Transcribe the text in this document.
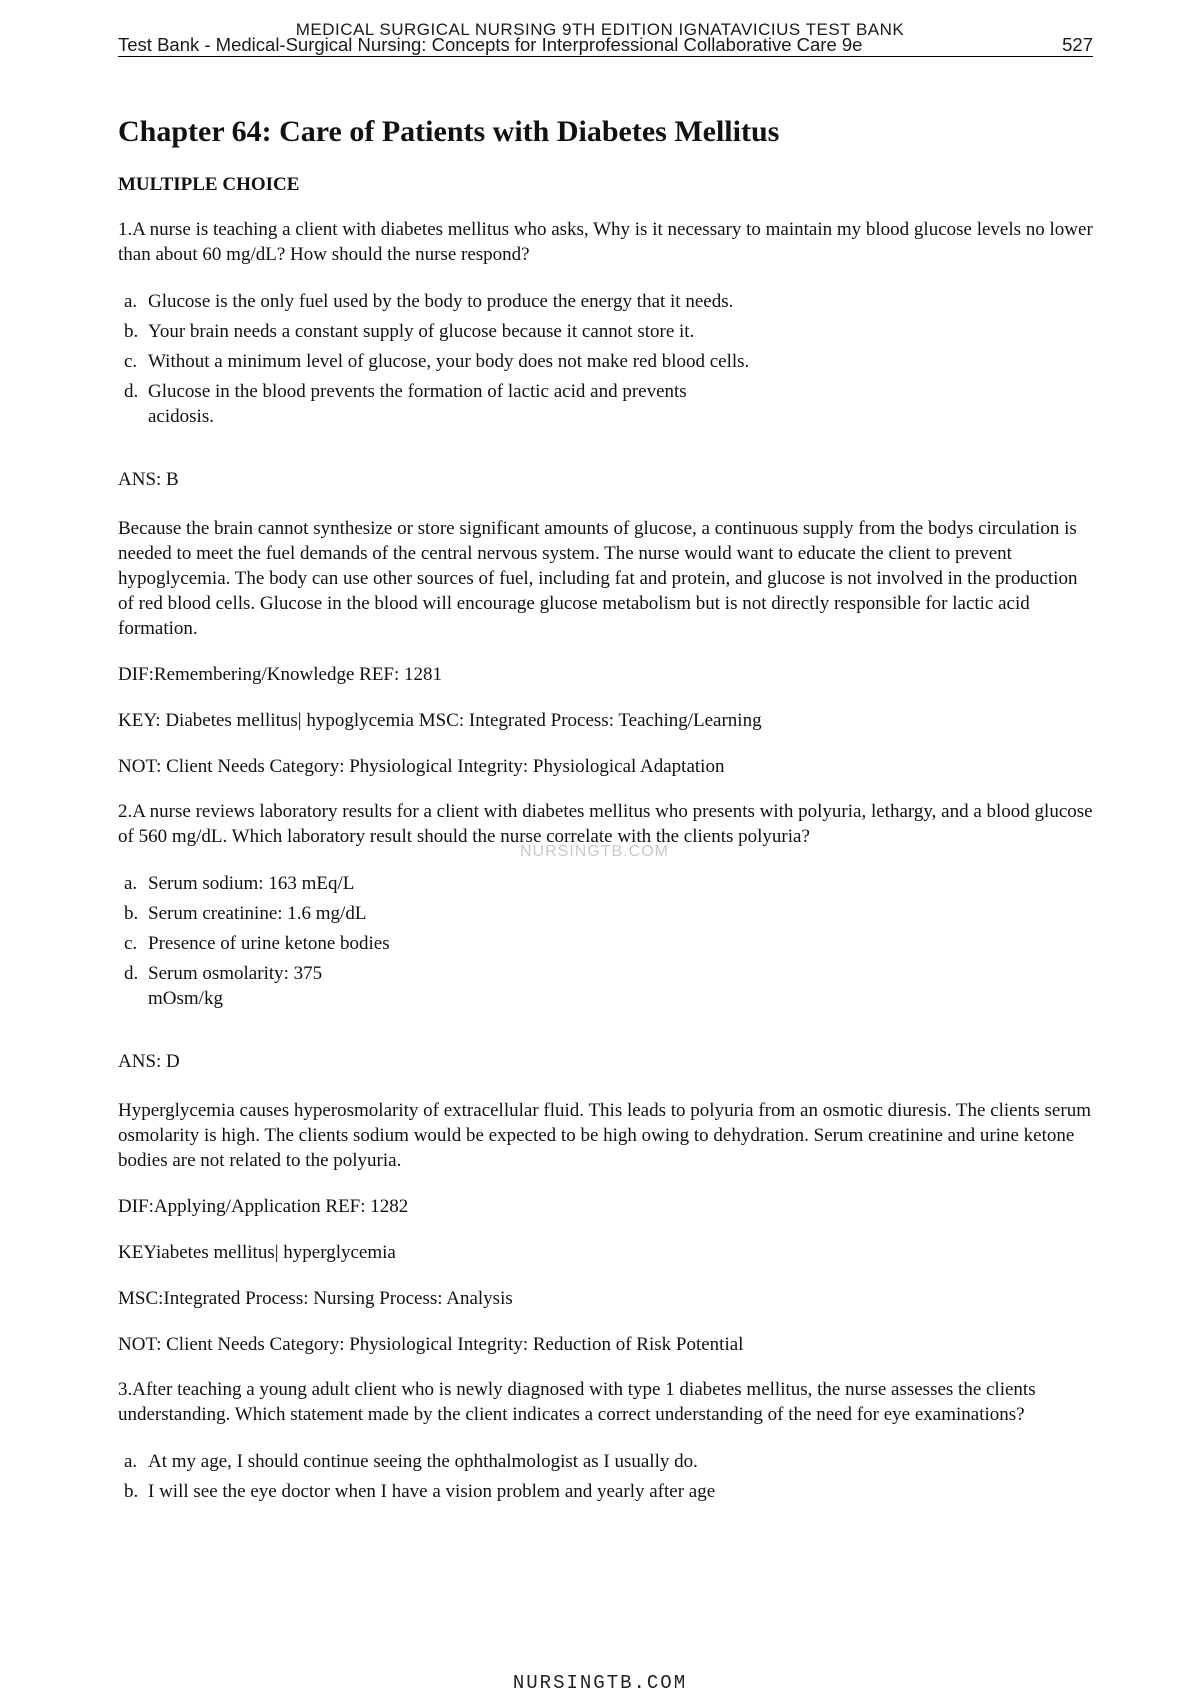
MEDICAL SURGICAL NURSING 9TH EDITION IGNATAVICIUS TEST BANK
Test Bank - Medical-Surgical Nursing: Concepts for Interprofessional Collaborative Care 9e	527
NURSINGTB.COM
Chapter 64: Care of Patients with Diabetes Mellitus
MULTIPLE CHOICE

1.A nurse is teaching a client with diabetes mellitus who asks, Why is it necessary to maintain my blood glucose levels no lower than about 60 mg/dL? How should the nurse respond?

a. Glucose is the only fuel used by the body to produce the energy that it needs.
b. Your brain needs a constant supply of glucose because it cannot store it.
c. Without a minimum level of glucose, your body does not make red blood cells.
d. Glucose in the blood prevents the formation of lactic acid and prevents acidosis.

ANS: B

Because the brain cannot synthesize or store significant amounts of glucose, a continuous supply from the bodys circulation is needed to meet the fuel demands of the central nervous system. The nurse would want to educate the client to prevent hypoglycemia. The body can use other sources of fuel, including fat and protein, and glucose is not involved in the production of red blood cells. Glucose in the blood will encourage glucose metabolism but is not directly responsible for lactic acid formation.

DIF:Remembering/Knowledge REF: 1281

KEY: Diabetes mellitus| hypoglycemia MSC: Integrated Process: Teaching/Learning

NOT: Client Needs Category: Physiological Integrity: Physiological Adaptation

2.A nurse reviews laboratory results for a client with diabetes mellitus who presents with polyuria, lethargy, and a blood glucose of 560 mg/dL. Which laboratory result should the nurse correlate with the clients polyuria?

a. Serum sodium: 163 mEq/L
b. Serum creatinine: 1.6 mg/dL
c. Presence of urine ketone bodies
d. Serum osmolarity: 375 mOsm/kg

ANS: D

Hyperglycemia causes hyperosmolarity of extracellular fluid. This leads to polyuria from an osmotic diuresis. The clients serum osmolarity is high. The clients sodium would be expected to be high owing to dehydration. Serum creatinine and urine ketone bodies are not related to the polyuria.

DIF:Applying/Application REF: 1282

KEYiabetes mellitus| hyperglycemia

MSC:Integrated Process: Nursing Process: Analysis

NOT: Client Needs Category: Physiological Integrity: Reduction of Risk Potential

3.After teaching a young adult client who is newly diagnosed with type 1 diabetes mellitus, the nurse assesses the clients understanding. Which statement made by the client indicates a correct understanding of the need for eye examinations?

a. At my age, I should continue seeing the ophthalmologist as I usually do.
b. I will see the eye doctor when I have a vision problem and yearly after age
NURSINGTB.COM
